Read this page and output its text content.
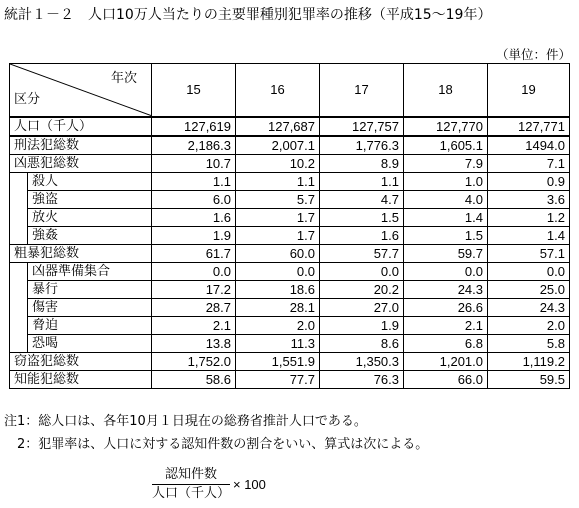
統計１－２　人口10万人当たりの主要罪種別犯罪率の推移（平成15～19年）
（単位：件）
年次
区分		15	16	17	18	19
人口（千人）		127,619	127,687	127,757	127,770	127,771
刑法犯総数		2,186.3	2,007.1	1,776.3	1,605.1	1494.0
凶悪犯総数		10.7	10.2	8.9	7.9	7.1
	殺人	1.1	1.1	1.1	1.0	0.9
	強盗	6.0	5.7	4.7	4.0	3.6
	放火	1.6	1.7	1.5	1.4	1.2
	強姦	1.9	1.7	1.6	1.5	1.4
粗暴犯総数		61.7	60.0	57.7	59.7	57.1
	凶器準備集合	0.0	0.0	0.0	0.0	0.0
	暴行	17.2	18.6	20.2	24.3	25.0
	傷害	28.7	28.1	27.0	26.6	24.3
	脅迫	2.1	2.0	1.9	2.1	2.0
	恐喝	13.8	11.3	8.6	6.8	5.8
窃盗犯総数		1,752.0	1,551.9	1,350.3	1,201.0	1,119.2
知能犯総数		58.6	77.7	76.3	66.0	59.5
注1：総人口は、各年10月１日現在の総務省推計人口である。
　2：犯罪率は、人口に対する認知件数の割合をいい、算式は次による。
認知件数
人口（千人）
× 100
